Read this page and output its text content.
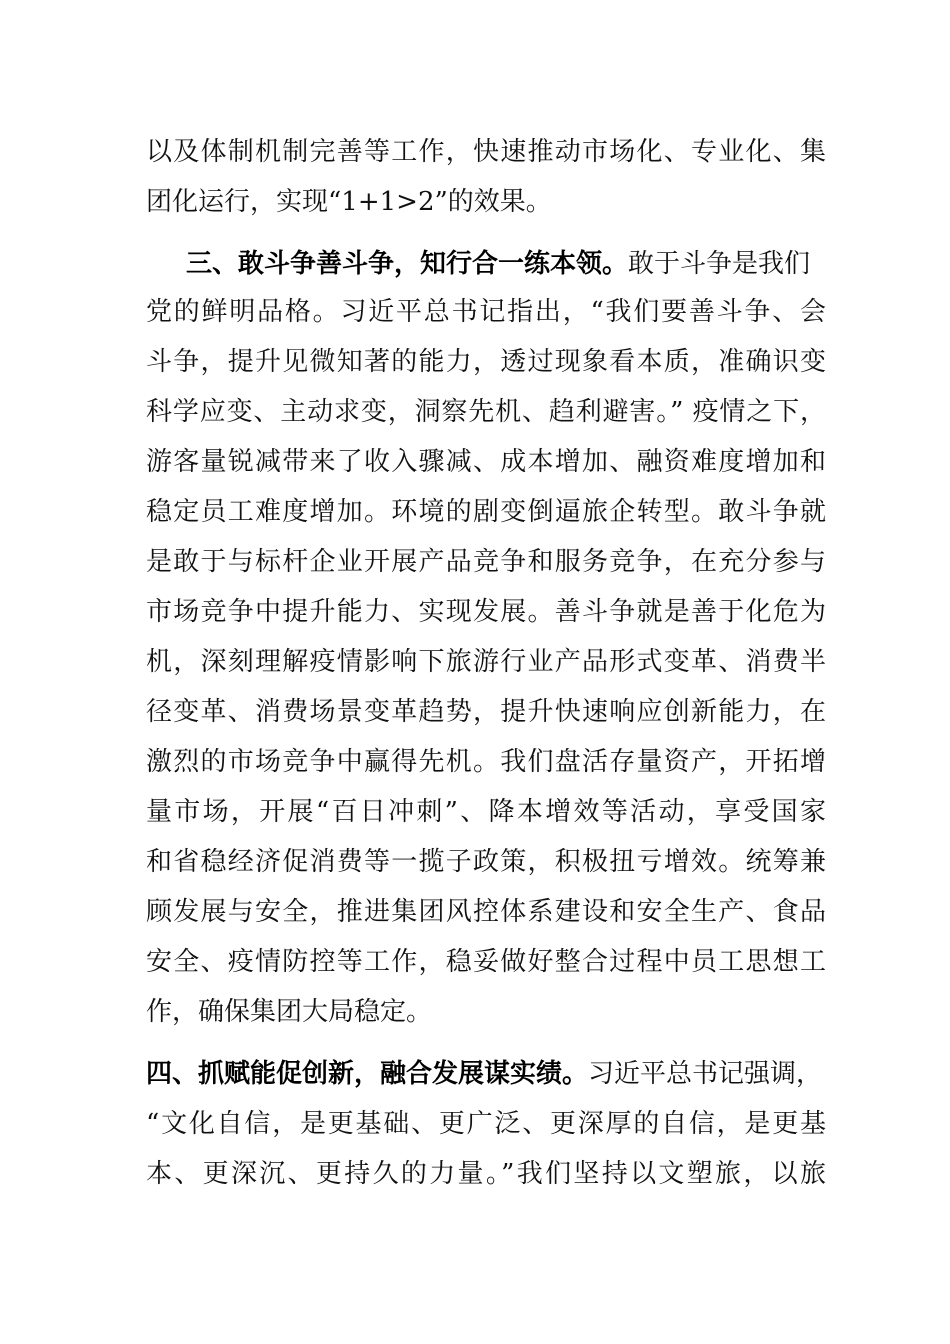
以及体制机制完善等工作，快速推动市场化、专业化、集
团化运行，实现“1+1>2”的效果。
三、敢斗争善斗争，知行合一练本领。敢于斗争是我们
党的鲜明品格。习近平总书记指出，“我们要善斗争、会
斗争，提升见微知著的能力，透过现象看本质，准确识变
科学应变、主动求变，洞察先机、趋利避害。” 疫情之下，
游客量锐减带来了收入骤减、成本增加、融资难度增加和
稳定员工难度增加。环境的剧变倒逼旅企转型。敢斗争就
是敢于与标杆企业开展产品竞争和服务竞争，在充分参与
市场竞争中提升能力、实现发展。善斗争就是善于化危为
机，深刻理解疫情影响下旅游行业产品形式变革、消费半
径变革、消费场景变革趋势，提升快速响应创新能力，在
激烈的市场竞争中赢得先机。我们盘活存量资产，开拓增
量市场，开展“百日冲刺”、降本增效等活动，享受国家
和省稳经济促消费等一揽子政策，积极扭亏增效。统筹兼
顾发展与安全，推进集团风控体系建设和安全生产、食品
安全、疫情防控等工作，稳妥做好整合过程中员工思想工
作，确保集团大局稳定。
四、抓赋能促创新，融合发展谋实绩。习近平总书记强调，
“文化自信，是更基础、更广泛、更深厚的自信，是更基
本、更深沉、更持久的力量。”我们坚持以文塑旅，以旅
